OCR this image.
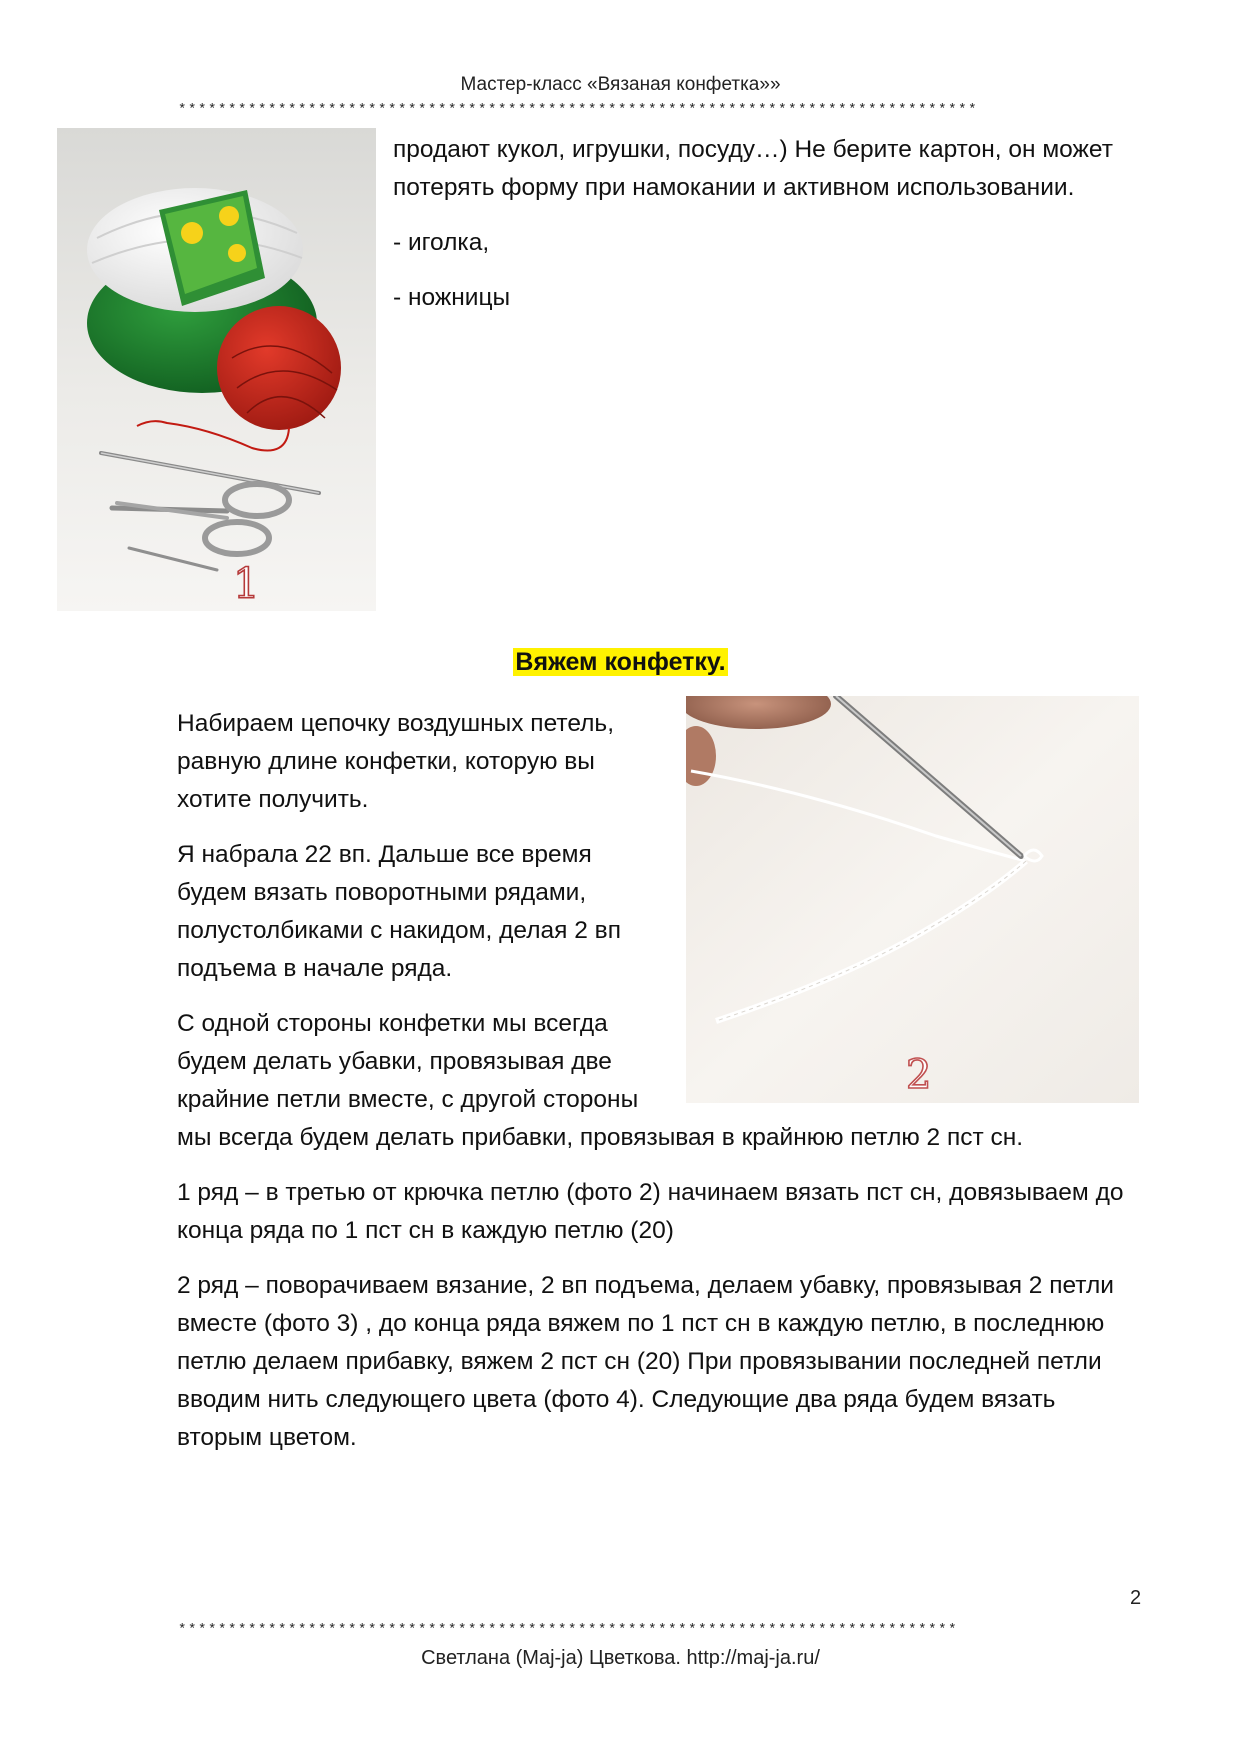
Мастер-класс «Вязаная конфетка»»
********************************************************************************
1

продают кукол, игрушки, посуду…) Не берите картон, он может потерять форму при намокании и активном использовании.

- иголка,

- ножницы

Вяжем конфетку.
2

Набираем цепочку воздушных петель, равную длине конфетки, которую вы хотите получить.

Я набрала 22 вп. Дальше все время будем вязать поворотными рядами, полустолбиками с накидом, делая 2 вп подъема в начале ряда.

С одной стороны конфетки мы всегда будем делать убавки, провязывая две крайние петли вместе, с другой стороны мы всегда будем делать прибавки, провязывая в крайнюю петлю 2 пст сн.

1 ряд – в третью от крючка петлю (фото 2) начинаем вязать пст сн, довязываем до конца ряда по 1 пст сн в каждую петлю (20)

2 ряд – поворачиваем вязание, 2 вп подъема, делаем убавку, провязывая 2 петли вместе (фото 3) , до конца ряда вяжем по 1 пст сн в каждую петлю, в последнюю петлю делаем прибавку, вяжем 2 пст сн (20) При провязывании последней петли вводим нить следующего цвета (фото 4). Следующие два ряда будем вязать вторым цветом.

2
******************************************************************************
Светлана (Maj-ja) Цветкова. http://maj-ja.ru/
